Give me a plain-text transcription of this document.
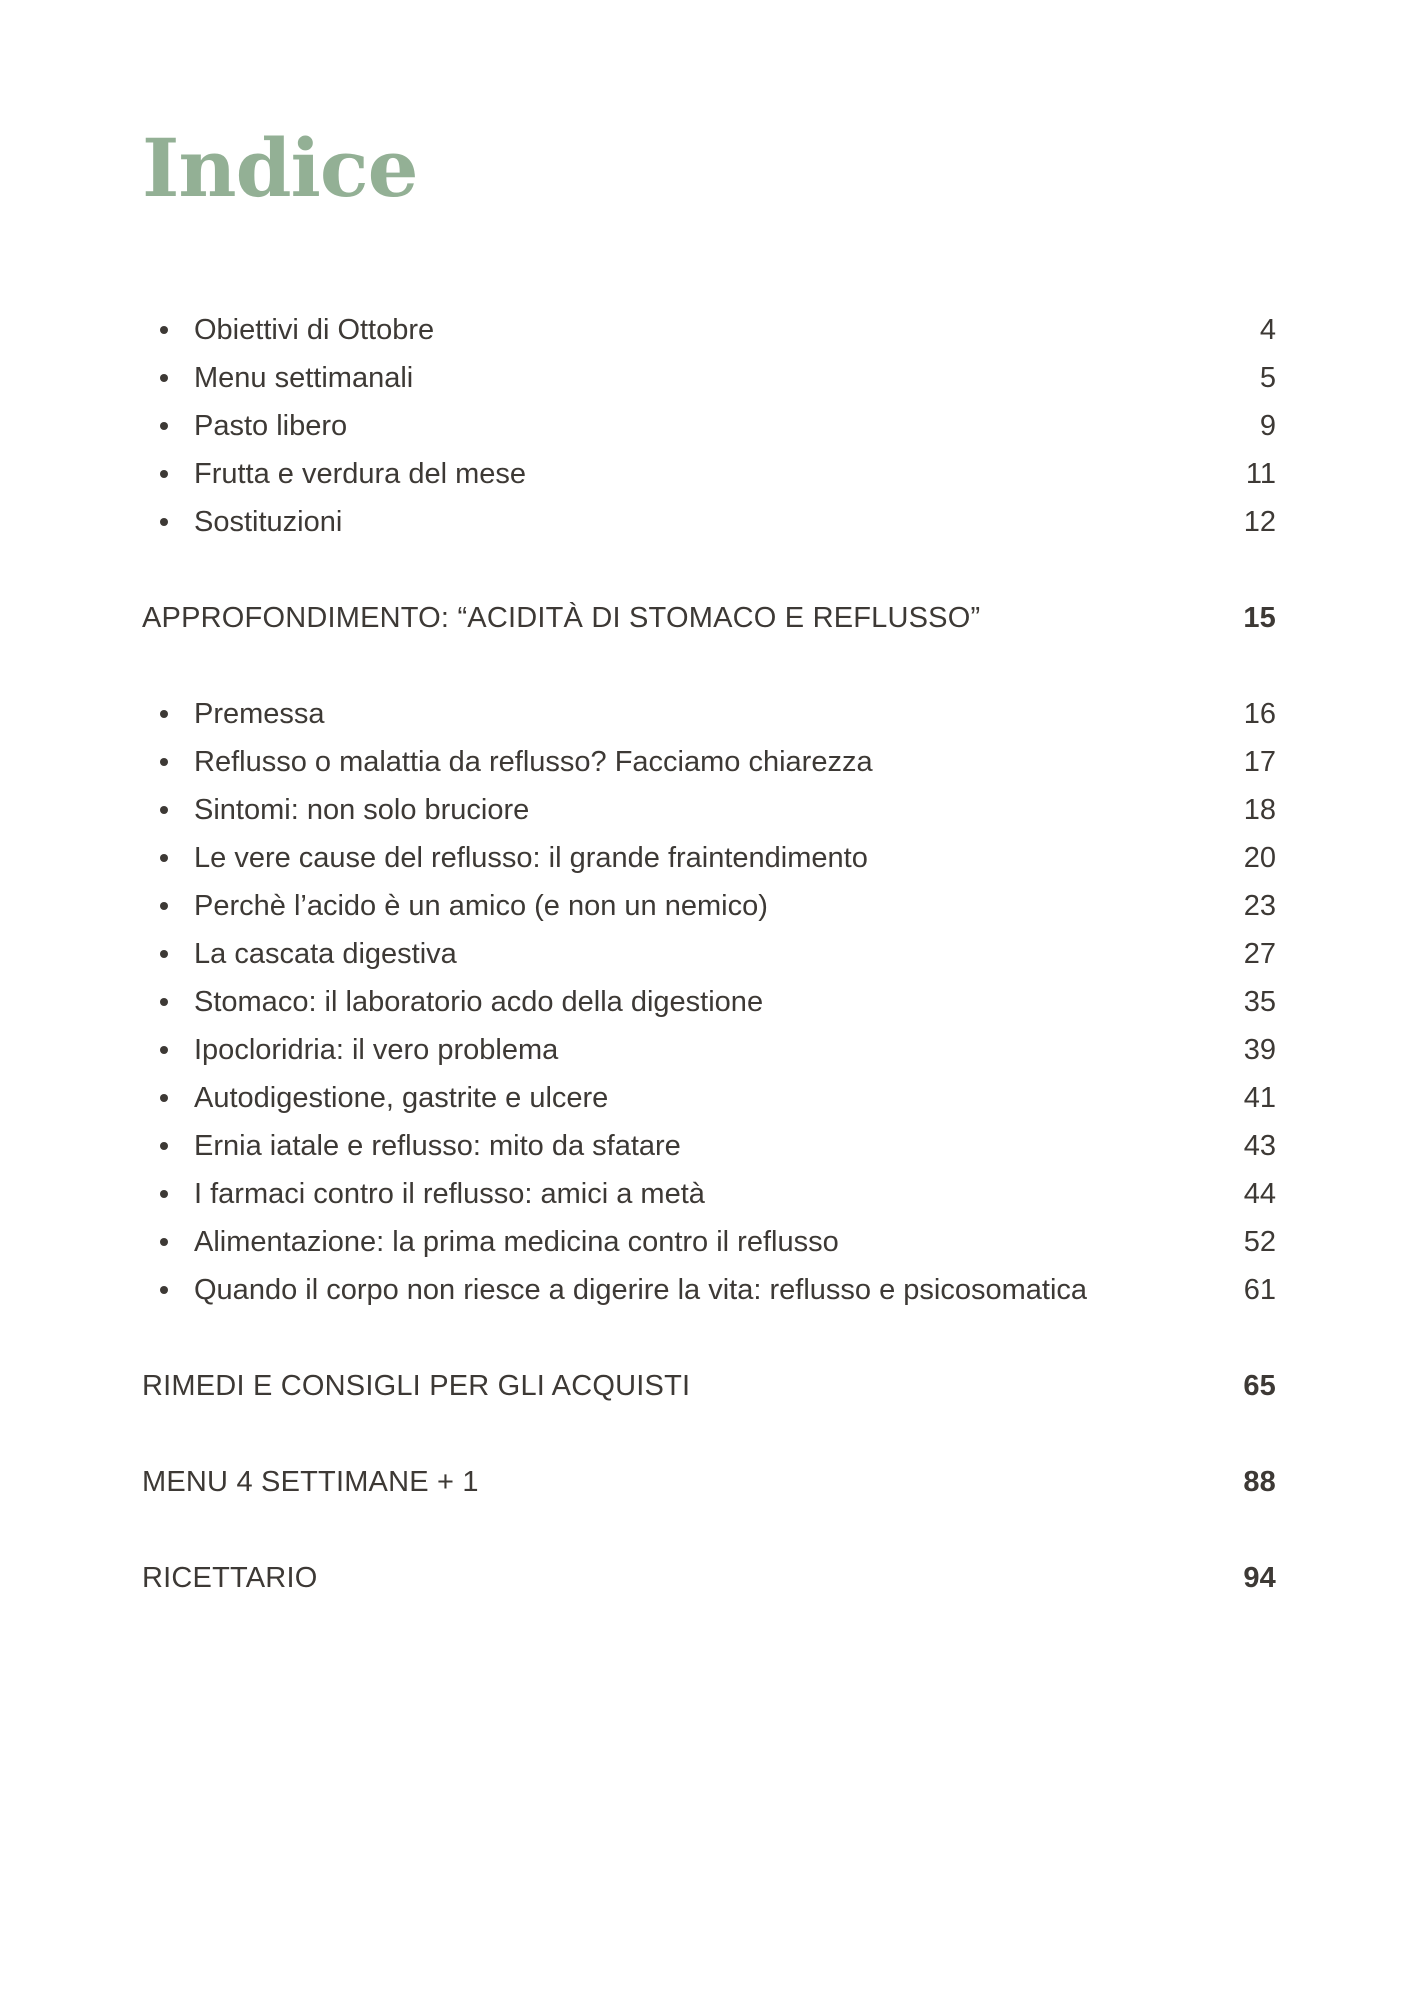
Indice
Obiettivi di Ottobre	4
Menu settimanali	5
Pasto libero	9
Frutta e verdura del mese	11
Sostituzioni	12
APPROFONDIMENTO: “ACIDITÀ DI STOMACO E REFLUSSO”	15
Premessa	16
Reflusso o malattia da reflusso? Facciamo chiarezza	17
Sintomi: non solo bruciore	18
Le vere cause del reflusso: il grande fraintendimento	20
Perchè l’acido è un amico (e non un nemico)	23
La cascata digestiva	27
Stomaco: il laboratorio acdo della digestione	35
Ipocloridria: il vero problema	39
Autodigestione, gastrite e ulcere	41
Ernia iatale e reflusso: mito da sfatare	43
I farmaci contro il reflusso: amici a metà	44
Alimentazione: la prima medicina contro il reflusso	52
Quando il corpo non riesce a digerire la vita: reflusso e psicosomatica	61
RIMEDI E CONSIGLI PER GLI ACQUISTI	65
MENU 4 SETTIMANE + 1	88
RICETTARIO	94
